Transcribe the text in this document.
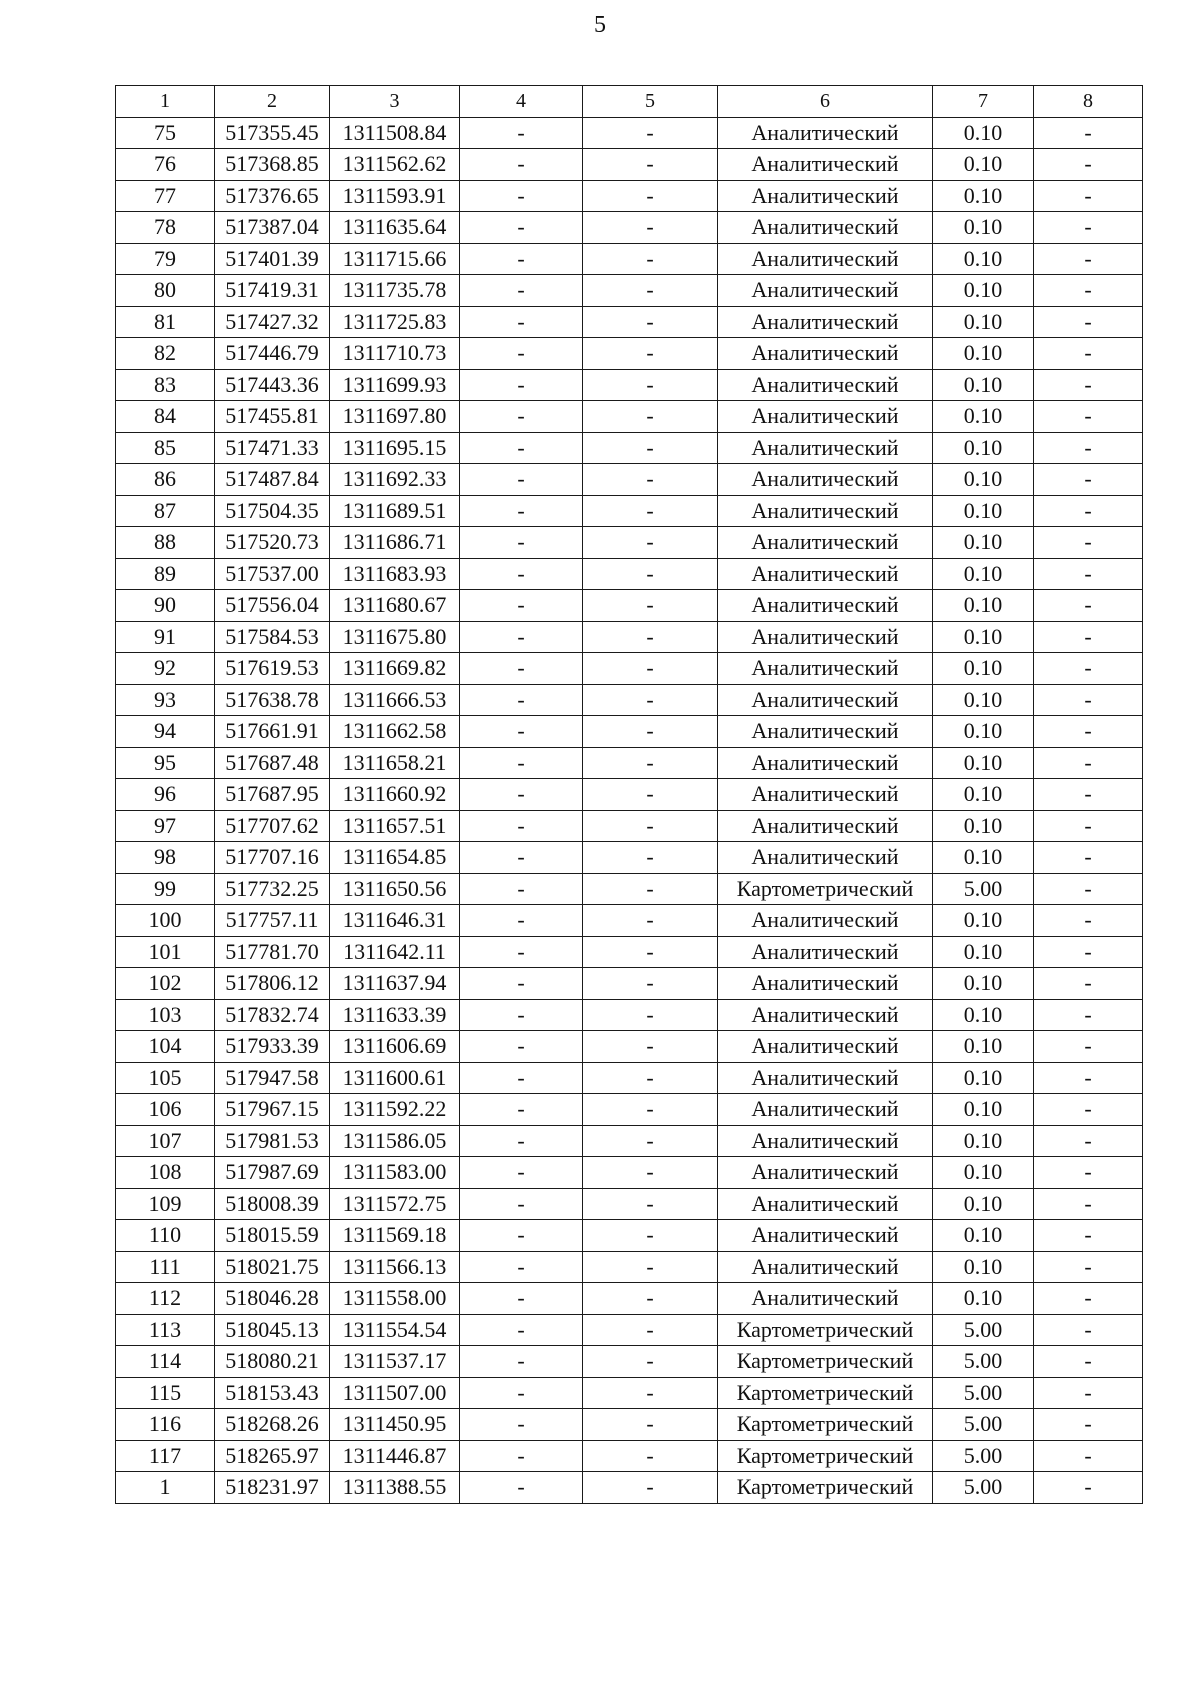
5
1	2	3	4	5	6	7	8
75	517355.45	1311508.84	-	-	Аналитический	0.10	-
76	517368.85	1311562.62	-	-	Аналитический	0.10	-
77	517376.65	1311593.91	-	-	Аналитический	0.10	-
78	517387.04	1311635.64	-	-	Аналитический	0.10	-
79	517401.39	1311715.66	-	-	Аналитический	0.10	-
80	517419.31	1311735.78	-	-	Аналитический	0.10	-
81	517427.32	1311725.83	-	-	Аналитический	0.10	-
82	517446.79	1311710.73	-	-	Аналитический	0.10	-
83	517443.36	1311699.93	-	-	Аналитический	0.10	-
84	517455.81	1311697.80	-	-	Аналитический	0.10	-
85	517471.33	1311695.15	-	-	Аналитический	0.10	-
86	517487.84	1311692.33	-	-	Аналитический	0.10	-
87	517504.35	1311689.51	-	-	Аналитический	0.10	-
88	517520.73	1311686.71	-	-	Аналитический	0.10	-
89	517537.00	1311683.93	-	-	Аналитический	0.10	-
90	517556.04	1311680.67	-	-	Аналитический	0.10	-
91	517584.53	1311675.80	-	-	Аналитический	0.10	-
92	517619.53	1311669.82	-	-	Аналитический	0.10	-
93	517638.78	1311666.53	-	-	Аналитический	0.10	-
94	517661.91	1311662.58	-	-	Аналитический	0.10	-
95	517687.48	1311658.21	-	-	Аналитический	0.10	-
96	517687.95	1311660.92	-	-	Аналитический	0.10	-
97	517707.62	1311657.51	-	-	Аналитический	0.10	-
98	517707.16	1311654.85	-	-	Аналитический	0.10	-
99	517732.25	1311650.56	-	-	Картометрический	5.00	-
100	517757.11	1311646.31	-	-	Аналитический	0.10	-
101	517781.70	1311642.11	-	-	Аналитический	0.10	-
102	517806.12	1311637.94	-	-	Аналитический	0.10	-
103	517832.74	1311633.39	-	-	Аналитический	0.10	-
104	517933.39	1311606.69	-	-	Аналитический	0.10	-
105	517947.58	1311600.61	-	-	Аналитический	0.10	-
106	517967.15	1311592.22	-	-	Аналитический	0.10	-
107	517981.53	1311586.05	-	-	Аналитический	0.10	-
108	517987.69	1311583.00	-	-	Аналитический	0.10	-
109	518008.39	1311572.75	-	-	Аналитический	0.10	-
110	518015.59	1311569.18	-	-	Аналитический	0.10	-
111	518021.75	1311566.13	-	-	Аналитический	0.10	-
112	518046.28	1311558.00	-	-	Аналитический	0.10	-
113	518045.13	1311554.54	-	-	Картометрический	5.00	-
114	518080.21	1311537.17	-	-	Картометрический	5.00	-
115	518153.43	1311507.00	-	-	Картометрический	5.00	-
116	518268.26	1311450.95	-	-	Картометрический	5.00	-
117	518265.97	1311446.87	-	-	Картометрический	5.00	-
1	518231.97	1311388.55	-	-	Картометрический	5.00	-
